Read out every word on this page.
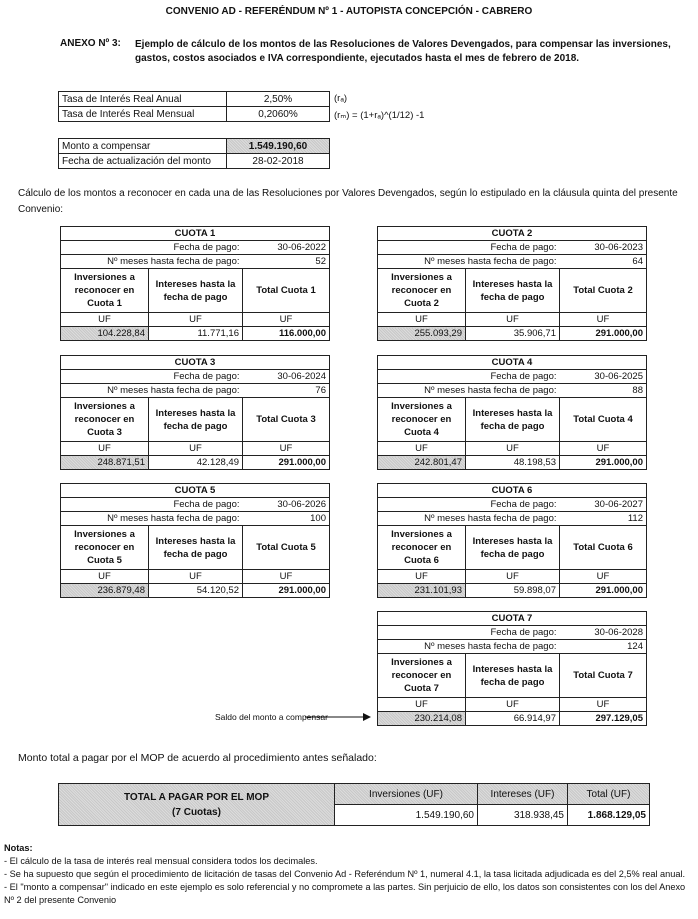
CONVENIO AD - REFERÉNDUM Nº 1 - AUTOPISTA CONCEPCIÓN - CABRERO
ANEXO Nº 3: Ejemplo de cálculo de los montos de las Resoluciones de Valores Devengados, para compensar las inversiones, gastos, costos asociados e IVA correspondiente, ejecutados hasta el mes de febrero de 2018.
Tasa de Interés Real Anual	2,50%
Tasa de Interés Real Mensual	0,2060%
(rₐ)
(rₘ) = (1+rₐ)^(1/12) -1
Monto a compensar	1.549.190,60
Fecha de actualización del monto	28-02-2018
Cálculo de los montos a reconocer en cada una de las Resoluciones por Valores Devengados, según lo estipulado en la cláusula quinta del presente Convenio:
CUOTA 1		
Fecha de pago:		30-06-2022
Nº meses hasta fecha de pago:		52
Inversiones a reconocer en Cuota 1	Intereses hasta la fecha de pago	Total Cuota 1
UF	UF	UF
104.228,84	11.771,16	116.000,00
CUOTA 2		
Fecha de pago:		30-06-2023
Nº meses hasta fecha de pago:		64
Inversiones a reconocer en Cuota 2	Intereses hasta la fecha de pago	Total Cuota 2
UF	UF	UF
255.093,29	35.906,71	291.000,00
CUOTA 3		
Fecha de pago:		30-06-2024
Nº meses hasta fecha de pago:		76
Inversiones a reconocer en Cuota 3	Intereses hasta la fecha de pago	Total Cuota 3
UF	UF	UF
248.871,51	42.128,49	291.000,00
CUOTA 4		
Fecha de pago:		30-06-2025
Nº meses hasta fecha de pago:		88
Inversiones a reconocer en Cuota 4	Intereses hasta la fecha de pago	Total Cuota 4
UF	UF	UF
242.801,47	48.198,53	291.000,00
CUOTA 5		
Fecha de pago:		30-06-2026
Nº meses hasta fecha de pago:		100
Inversiones a reconocer en Cuota 5	Intereses hasta la fecha de pago	Total Cuota 5
UF	UF	UF
236.879,48	54.120,52	291.000,00
CUOTA 6		
Fecha de pago:		30-06-2027
Nº meses hasta fecha de pago:		112
Inversiones a reconocer en Cuota 6	Intereses hasta la fecha de pago	Total Cuota 6
UF	UF	UF
231.101,93	59.898,07	291.000,00
CUOTA 7		
Fecha de pago:		30-06-2028
Nº meses hasta fecha de pago:		124
Inversiones a reconocer en Cuota 7	Intereses hasta la fecha de pago	Total Cuota 7
UF	UF	UF
230.214,08	66.914,97	297.129,05
Saldo del monto a compensar
Monto total a pagar por el MOP de acuerdo al procedimiento antes señalado:
TOTAL A PAGAR POR EL MOP
(7 Cuotas)	Inversiones (UF)	Intereses (UF)	Total (UF)
	1.549.190,60	318.938,45	1.868.129,05
Notas:
- El cálculo de la tasa de interés real mensual considera todos los decimales.
- Se ha supuesto que según el procedimiento de licitación de tasas del Convenio Ad - Referéndum Nº 1, numeral 4.1, la tasa licitada adjudicada es del 2,5% real anual.
- El "monto a compensar" indicado en este ejemplo es solo referencial y no compromete a las partes. Sin perjuicio de ello, los datos son consistentes con los del Anexo Nº 2 del presente Convenio
